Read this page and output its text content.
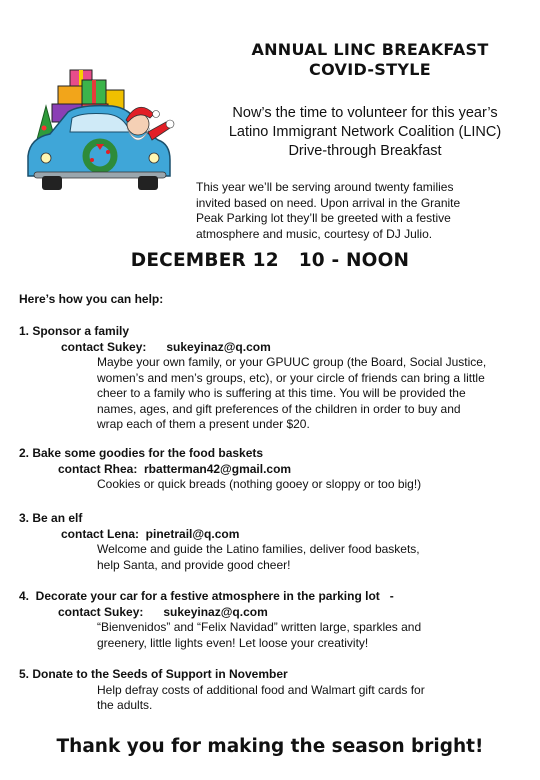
ANNUAL LINC BREAKFAST
COVID-STYLE
Now’s the time to volunteer for this year’s
Latino Immigrant Network Coalition (LINC)
Drive-through Breakfast
This year we’ll be serving around twenty families
invited based on need. Upon arrival in the Granite
Peak Parking lot they’ll be greeted with a festive
atmosphere and music, courtesy of DJ Julio.
DECEMBER 12   10 - NOON
Here’s how you can help:
1. Sponsor a family
contact Sukey:      sukeyinaz@q.com
Maybe your own family, or your GPUUC group (the Board, Social Justice,
women’s and men’s groups, etc), or your circle of friends can bring a little
cheer to a family who is suffering at this time. You will be provided the
names, ages, and gift preferences of the children in order to buy and
wrap each of them a present under $20.
2. Bake some goodies for the food baskets
contact Rhea:  rbatterman42@gmail.com
Cookies or quick breads (nothing gooey or sloppy or too big!)
3. Be an elf
contact Lena:  pinetrail@q.com
Welcome and guide the Latino families, deliver food baskets,
help Santa, and provide good cheer!
4.  Decorate your car for a festive atmosphere in the parking lot   -
contact Sukey:      sukeyinaz@q.com
“Bienvenidos” and “Felix Navidad” written large, sparkles and
greenery, little lights even! Let loose your creativity!
5. Donate to the Seeds of Support in November
Help defray costs of additional food and Walmart gift cards for
the adults.
Thank you for making the season bright!
